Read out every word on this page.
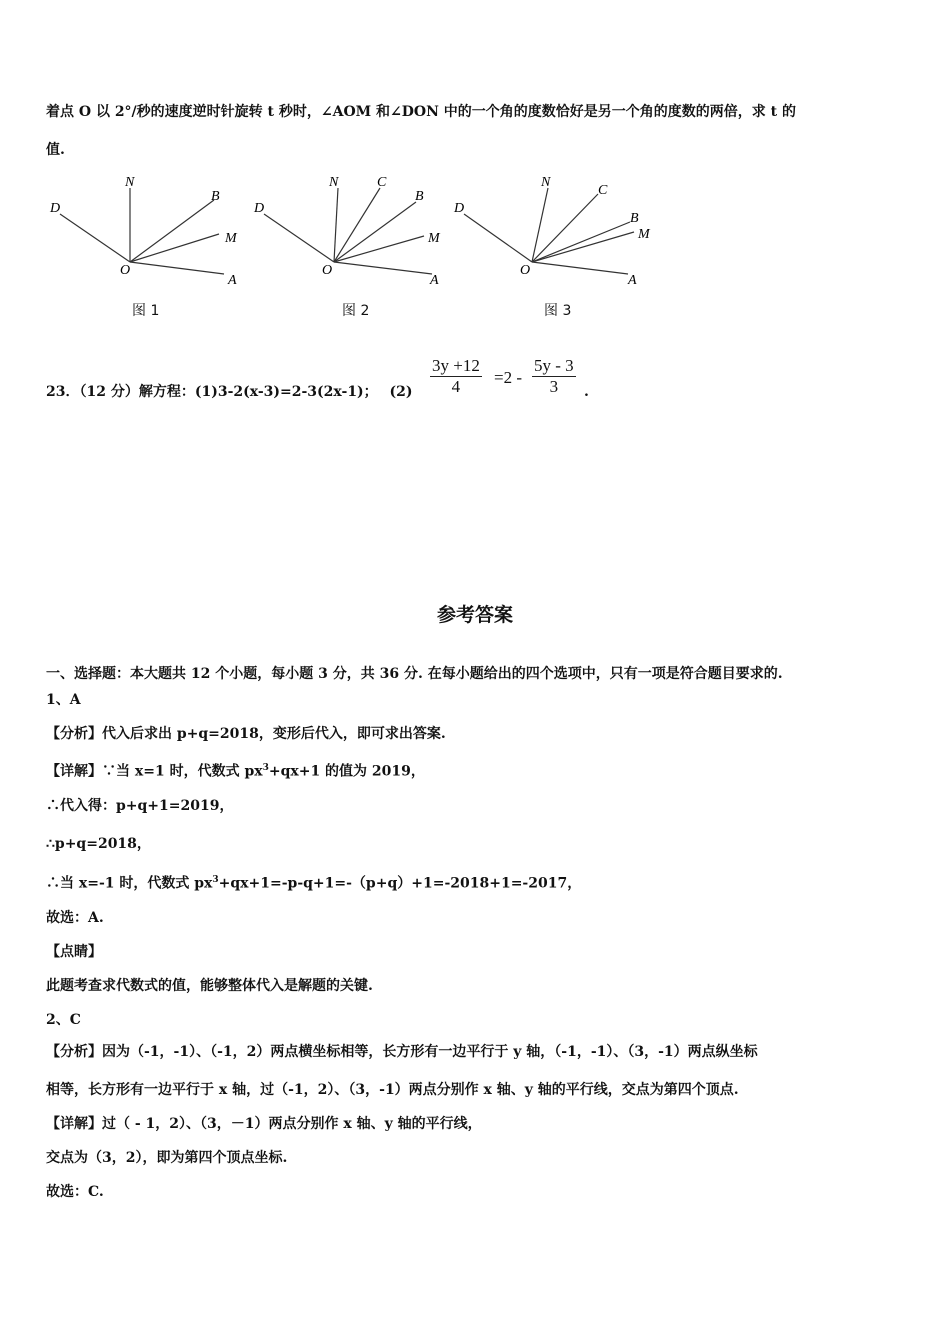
着点 O 以 2°/秒的速度逆时针旋转 t 秒时，∠AOM 和∠DON 中的一个角的度数恰好是另一个角的度数的两倍，求 t 的
值.
N
B
D
M
O
A
图 1
N	C
B
D
M
O
A
图 2
N
C
B
D
M
O
A
图 3
23．（12 分）解方程：(1)3-2(x-3)=2-3(2x-1)；　 $(2) \frac{3y +12}{4} =2 - \frac{5y - 3}{3}$ .
参考答案
一、选择题：本大题共 12 个小题，每小题 3 分，共 36 分. 在每小题给出的四个选项中，只有一项是符合题目要求的.
1、A
【分析】代入后求出 p+q=2018，变形后代入，即可求出答案.
【详解】∵当 x=1 时，代数式 $px^3+qx+1$ 的值为 2019，
∴代入得：p+q+1=2019，
∴p+q=2018，
∴当 x=-1 时，代数式 $px^3+qx+1=-p-q+1=-(p+q)+1=-2018+1=-2017$，
故选：A.
【点睛】
此题考查求代数式的值，能够整体代入是解题的关键.
2、C
【分析】因为（-1，-1）、（-1，2）两点横坐标相等，长方形有一边平行于 y 轴，（-1，-1）、（3，-1）两点纵坐标
相等，长方形有一边平行于 x 轴，过（-1，2）、（3，-1）两点分别作 x 轴、y 轴的平行线，交点为第四个顶点.
【详解】过（ - 1，2）、（3，－1）两点分别作 x 轴、y 轴的平行线，
交点为（3，2），即为第四个顶点坐标.
故选：C.
